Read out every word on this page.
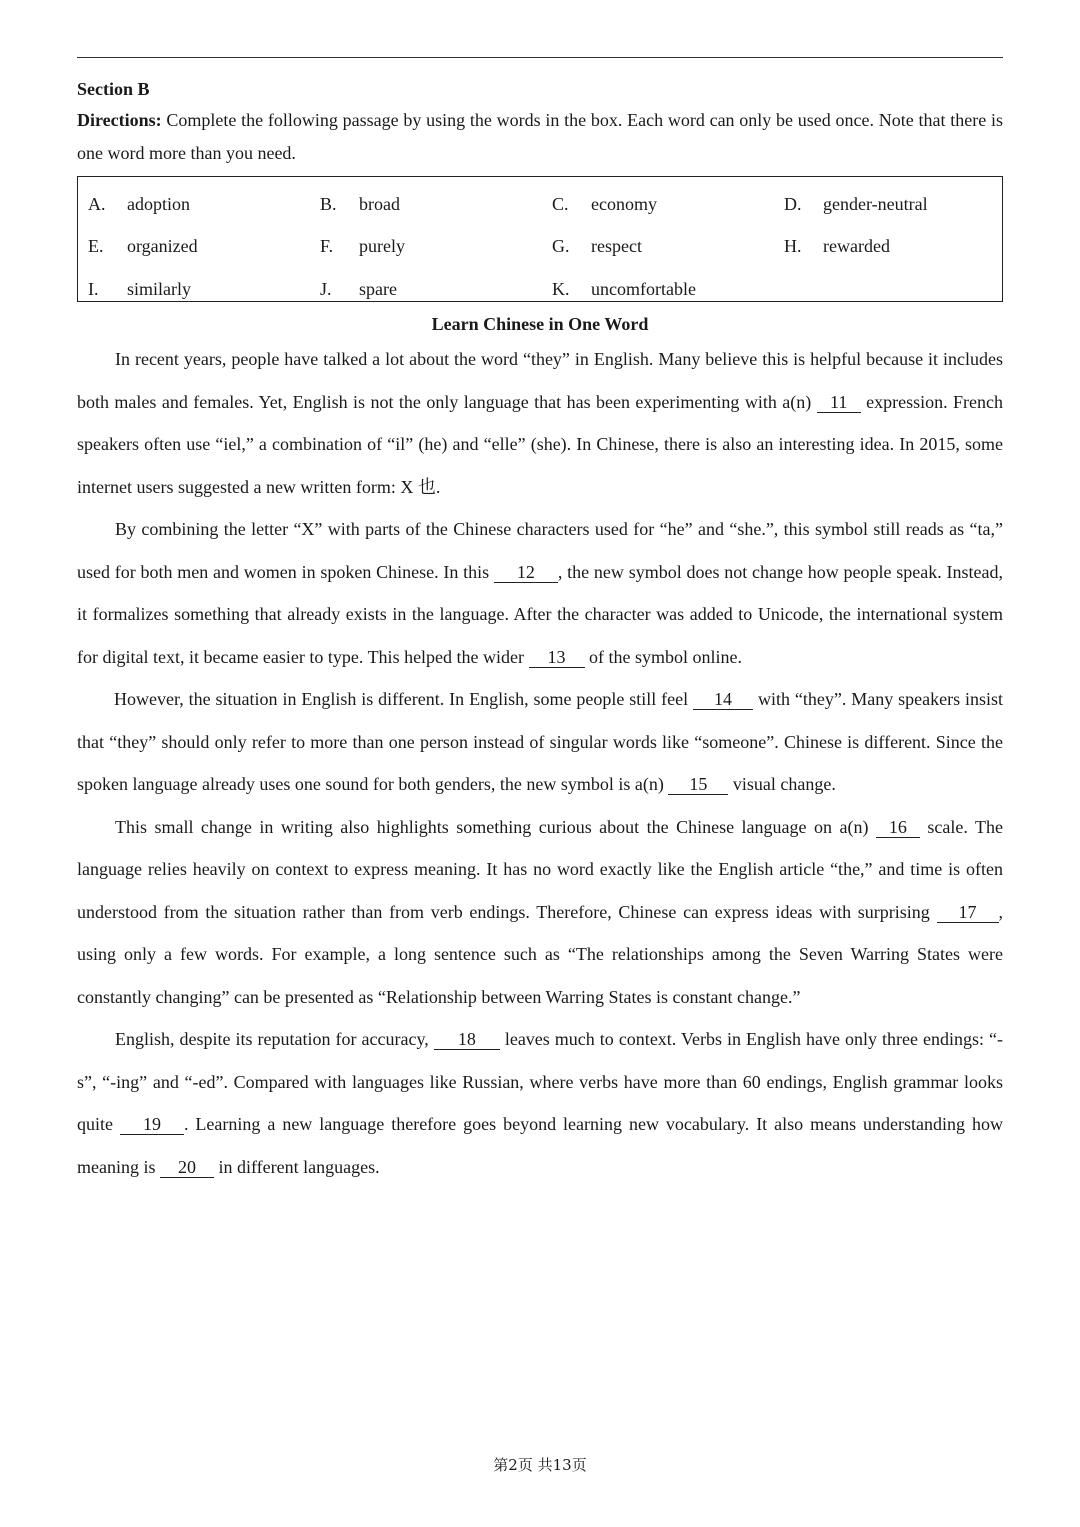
Section B
Directions: Complete the following passage by using the words in the box. Each word can only be used once. Note that there is one word more than you need.
A.	adoption	B.	broad	C.	economy	D.	gender-neutral
E.	organized	F.	purely	G.	respect	H.	rewarded
I.	similarly	J.	spare	K.	uncomfortable
Learn Chinese in One Word

In recent years, people have talked a lot about the word “they” in English. Many believe this is helpful because it includes both males and females. Yet, English is not the only language that has been experimenting with a(n) 11 expression. French speakers often use “iel,” a combination of “il” (he) and “elle” (she). In Chinese, there is also an interesting idea. In 2015, some internet users suggested a new written form: X 也.

By combining the letter “X” with parts of the Chinese characters used for “he” and “she.”, this symbol still reads as “ta,” used for both men and women in spoken Chinese. In this 12 , the new symbol does not change how people speak. Instead, it formalizes something that already exists in the language. After the character was added to Unicode, the international system for digital text, it became easier to type. This helped the wider 13 of the symbol online.

However, the situation in English is different. In English, some people still feel 14 with “they”. Many speakers insist that “they” should only refer to more than one person instead of singular words like “someone”. Chinese is different. Since the spoken language already uses one sound for both genders, the new symbol is a(n) 15 visual change.

This small change in writing also highlights something curious about the Chinese language on a(n) 16 scale. The language relies heavily on context to express meaning. It has no word exactly like the English article “the,” and time is often understood from the situation rather than from verb endings. Therefore, Chinese can express ideas with surprising 17 , using only a few words. For example, a long sentence such as “The relationships among the Seven Warring States were constantly changing” can be presented as “Relationship between Warring States is constant change.”

English, despite its reputation for accuracy, 18 leaves much to context. Verbs in English have only three endings: “-s”, “-ing” and “-ed”. Compared with languages like Russian, where verbs have more than 60 endings, English grammar looks quite 19 . Learning a new language therefore goes beyond learning new vocabulary. It also means understanding how meaning is 20 in different languages.

第2页 共13页
